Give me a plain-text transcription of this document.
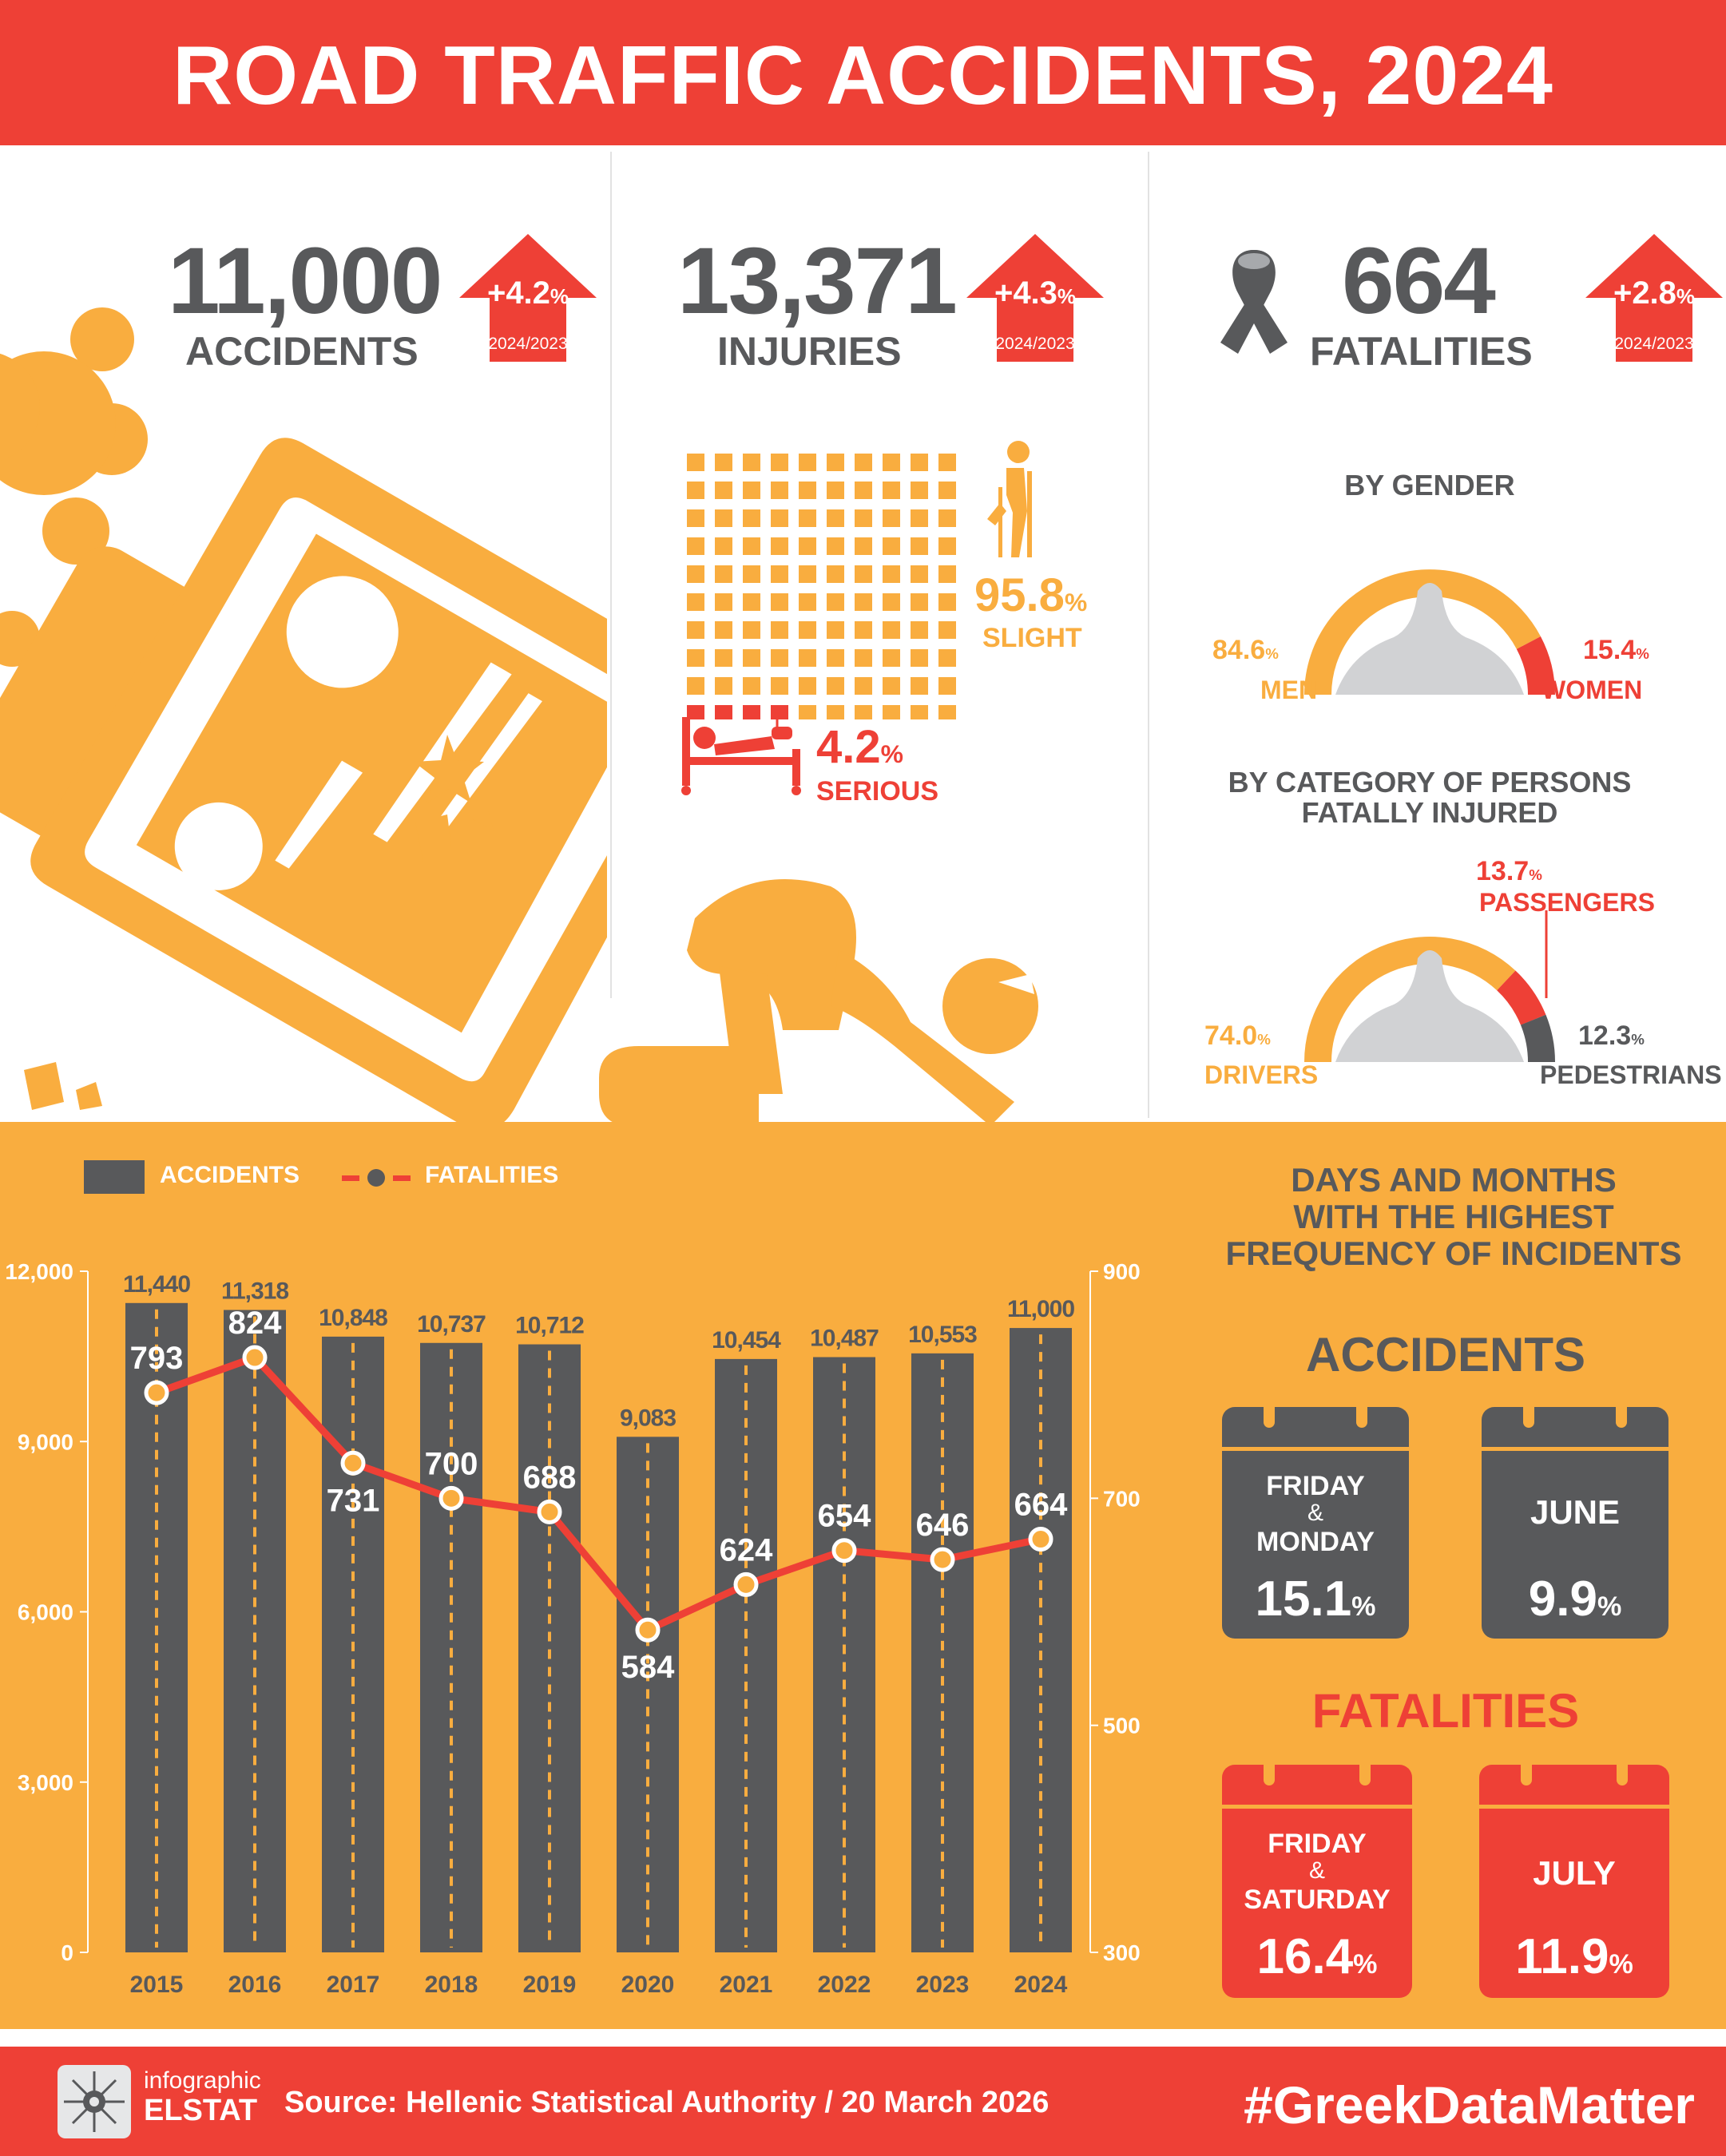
ROAD TRAFFIC ACCIDENTS, 2024
11,000
ACCIDENTS
+4.2%
2024/2023
13,371
INJURIES
+4.3%
2024/2023
664
FATALITIES
+2.8%
2024/2023
95.8%
SLIGHT
4.2%
SERIOUS
BY GENDER
84.6%
MEN
15.4%
WOMEN
BY CATEGORY OF PERSONS
FATALLY INJURED
13.7%
PASSENGERS
74.0%
DRIVERS
12.3%
PEDESTRIANS
ACCIDENTS	FATALITIES
0
3,000
6,000
9,000
12,000
300
500
700
900
11,440
2015
11,318
2016
10,848
2017
10,737
2018
10,712
2019
9,083
2020
10,454
2021
10,487
2022
10,553
2023
11,000
2024
793
824
731
700 688
584
624
654 646
664
DAYS AND MONTHS
WITH THE HIGHEST
FREQUENCY OF INCIDENTS
ACCIDENTS
FRIDAY
&
MONDAY
15.1%
JUNE
9.9%
FATALITIES
FRIDAY
&
SATURDAY
16.4%
JULY
11.9%
infographic
ELSTAT Source: Hellenic Statistical Authority / 20 March 2026	#GreekDataMatter
